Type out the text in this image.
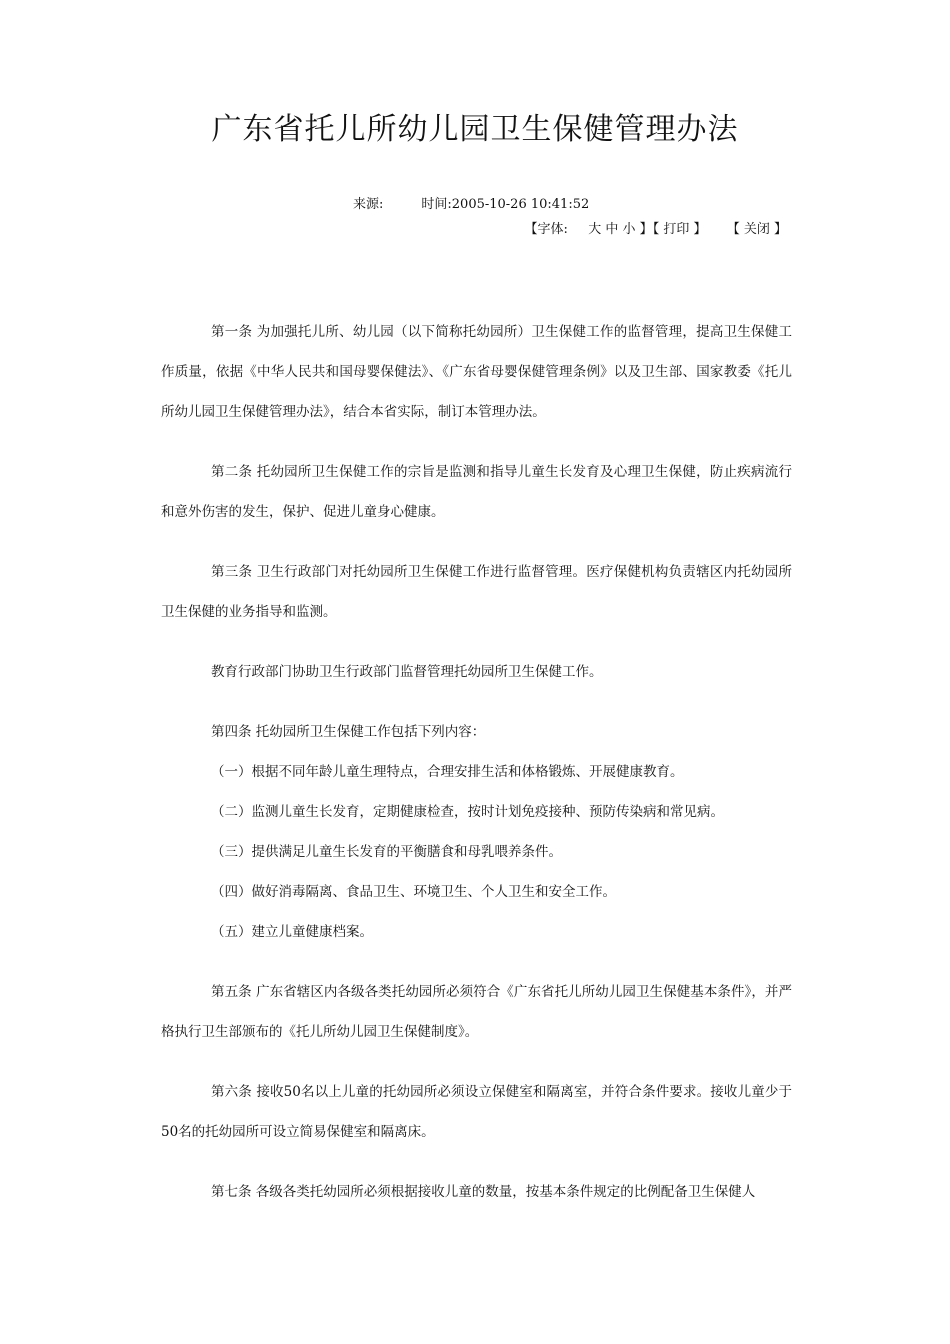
广东省托儿所幼儿园卫生保健管理办法
来源:	时间:2005-10-26 10:41:52
【字体: 大 中 小 】【 打印 】 【 关闭 】

第一条 为加强托儿所、幼儿园（以下简称托幼园所）卫生保健工作的监督管理，提高卫生保健工作质量，依据《中华人民共和国母婴保健法》、《广东省母婴保健管理条例》以及卫生部、国家教委《托儿所幼儿园卫生保健管理办法》，结合本省实际，制订本管理办法。

第二条 托幼园所卫生保健工作的宗旨是监测和指导儿童生长发育及心理卫生保健，防止疾病流行和意外伤害的发生，保护、促进儿童身心健康。

第三条 卫生行政部门对托幼园所卫生保健工作进行监督管理。医疗保健机构负责辖区内托幼园所卫生保健的业务指导和监测。

教育行政部门协助卫生行政部门监督管理托幼园所卫生保健工作。

第四条 托幼园所卫生保健工作包括下列内容：

（一）根据不同年龄儿童生理特点，合理安排生活和体格锻炼、开展健康教育。

（二）监测儿童生长发育，定期健康检查，按时计划免疫接种、预防传染病和常见病。

（三）提供满足儿童生长发育的平衡膳食和母乳喂养条件。

（四）做好消毒隔离、食品卫生、环境卫生、个人卫生和安全工作。

（五）建立儿童健康档案。

第五条 广东省辖区内各级各类托幼园所必须符合《广东省托儿所幼儿园卫生保健基本条件》，并严格执行卫生部颁布的《托儿所幼儿园卫生保健制度》。

第六条 接收50名以上儿童的托幼园所必须设立保健室和隔离室，并符合条件要求。接收儿童少于50名的托幼园所可设立简易保健室和隔离床。

第七条 各级各类托幼园所必须根据接收儿童的数量，按基本条件规定的比例配备卫生保健人
